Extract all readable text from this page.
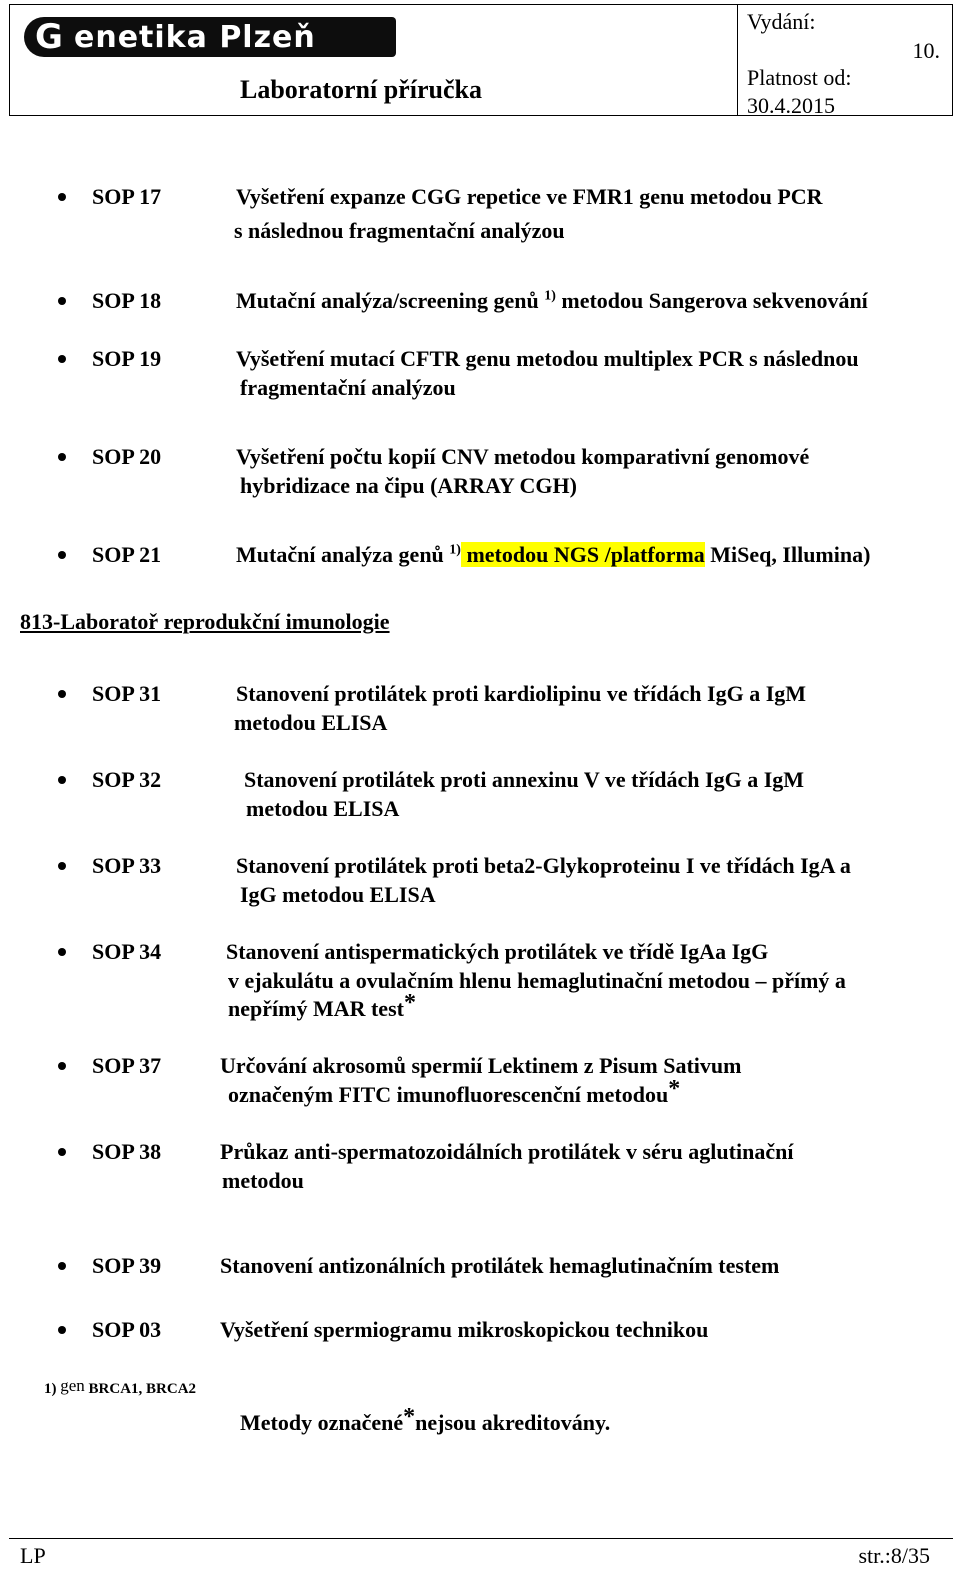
G enetika Plzeň
Laboratorní příručka
Vydání:
10.
Platnost od:
30.4.2015
SOP 17	Vyšetření expanze CGG repetice ve FMR1 genu metodou PCR
s následnou fragmentační analýzou
SOP 18	Mutační analýza/screening genů $^{1)}$ metodou Sangerova sekvenování
SOP 19	Vyšetření mutací CFTR genu metodou multiplex PCR s následnou
fragmentační analýzou
SOP 20	Vyšetření počtu kopií CNV metodou komparativní genomové
hybridizace na čipu (ARRAY CGH)
SOP 21	Mutační analýza genů $^{1)}$ metodou NGS /platforma MiSeq, Illumina)
813-Laboratoř reprodukční imunologie
SOP 31	Stanovení protilátek proti kardiolipinu ve třídách IgG a IgM
metodou ELISA
SOP 32	Stanovení protilátek proti annexinu V ve třídách IgG a IgM
metodou ELISA
SOP 33	Stanovení protilátek proti beta2-Glykoproteinu I ve třídách IgA a
IgG metodou ELISA
SOP 34	Stanovení antispermatických protilátek ve třídě IgAa IgG
v ejakulátu a ovulačním hlenu hemaglutinační metodou – přímý a
nepřímý MAR test*
SOP 37	Určování akrosomů spermií Lektinem z Pisum Sativum
označeným FITC imunofluorescenční metodou*
SOP 38	Průkaz anti-spermatozoidálních protilátek v séru aglutinační
metodou
SOP 39	Stanovení antizonálních protilátek hemaglutinačním testem
SOP 03	Vyšetření spermiogramu mikroskopickou technikou
1) gen BRCA1, BRCA2
Metody označené*nejsou akreditovány.
LP	str.:8/35
